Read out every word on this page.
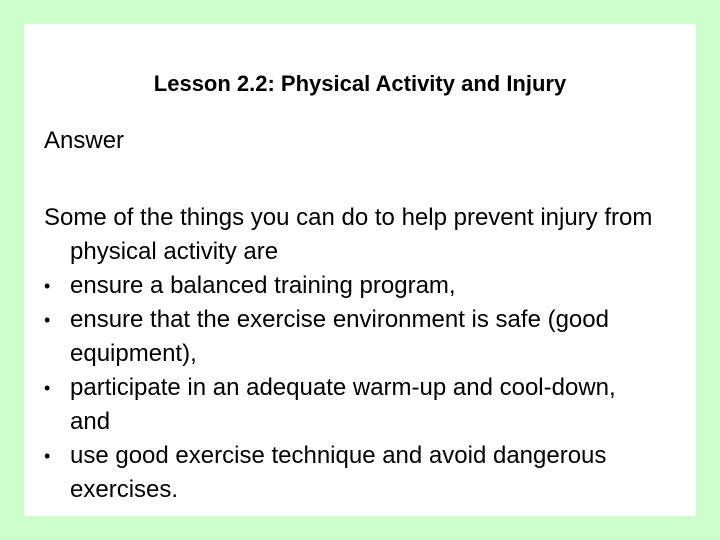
Lesson 2.2: Physical Activity and Injury

Answer

Some of the things you can do to help prevent injury from physical activity are

• ensure a balanced training program,
• ensure that the exercise environment is safe (good equipment),
• participate in an adequate warm-up and cool-down, and
• use good exercise technique and avoid dangerous exercises.
